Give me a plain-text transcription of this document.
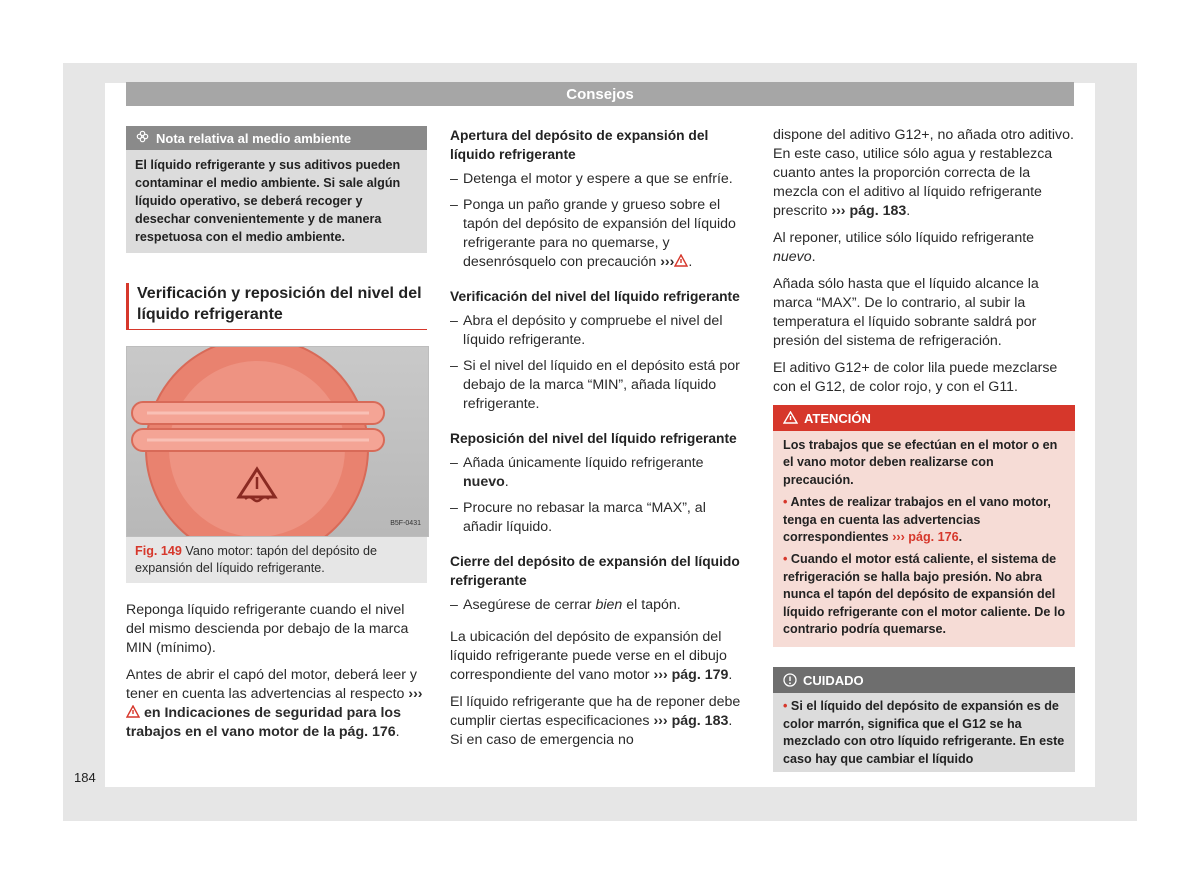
Consejos
Nota relativa al medio ambiente
El líquido refrigerante y sus aditivos pueden contaminar el medio ambiente. Si sale algún líquido operativo, se deberá recoger y desechar convenientemente y de manera respetuosa con el medio ambiente.
Verificación y reposición del nivel del líquido refrigerante
B5F-0431
Fig. 149 Vano motor: tapón del depósito de expansión del líquido refrigerante.

Reponga líquido refrigerante cuando el nivel del mismo descienda por debajo de la marca MIN (mínimo).

Antes de abrir el capó del motor, deberá leer y tener en cuenta las advertencias al respecto ›››  en Indicaciones de seguridad para los trabajos en el vano motor de la pág. 176.

Apertura del depósito de expansión del líquido refrigerante
– Detenga el motor y espere a que se enfríe.
– Ponga un paño grande y grueso sobre el tapón del depósito de expansión del líquido refrigerante para no quemarse, y desenrósquelo con precaución ››› .
Verificación del nivel del líquido refrigerante
– Abra el depósito y compruebe el nivel del líquido refrigerante.
– Si el nivel del líquido en el depósito está por debajo de la marca “MIN”, añada líquido refrigerante.
Reposición del nivel del líquido refrigerante
– Añada únicamente líquido refrigerante nuevo.
– Procure no rebasar la marca “MAX”, al añadir líquido.
Cierre del depósito de expansión del líquido refrigerante
– Asegúrese de cerrar bien el tapón.

La ubicación del depósito de expansión del líquido refrigerante puede verse en el dibujo correspondiente del vano motor ››› pág. 179.

El líquido refrigerante que ha de reponer debe cumplir ciertas especificaciones ››› pág. 183. Si en caso de emergencia no

dispone del aditivo G12+, no añada otro aditivo. En este caso, utilice sólo agua y restablezca cuanto antes la proporción correcta de la mezcla con el aditivo al líquido refrigerante prescrito ››› pág. 183.

Al reponer, utilice sólo líquido refrigerante nuevo.

Añada sólo hasta que el líquido alcance la marca “MAX”. De lo contrario, al subir la temperatura el líquido sobrante saldrá por presión del sistema de refrigeración.

El aditivo G12+ de color lila puede mezclarse con el G12, de color rojo, y con el G11.

ATENCIÓN

Los trabajos que se efectúan en el motor o en el vano motor deben realizarse con precaución.

• Antes de realizar trabajos en el vano motor, tenga en cuenta las advertencias correspondientes ››› pág. 176.

• Cuando el motor está caliente, el sistema de refrigeración se halla bajo presión. No abra nunca el tapón del depósito de expansión del líquido refrigerante con el motor caliente. De lo contrario podría quemarse.

CUIDADO
• Si el líquido del depósito de expansión es de color marrón, significa que el G12 se ha mezclado con otro líquido refrigerante. En este caso hay que cambiar el líquido
184
